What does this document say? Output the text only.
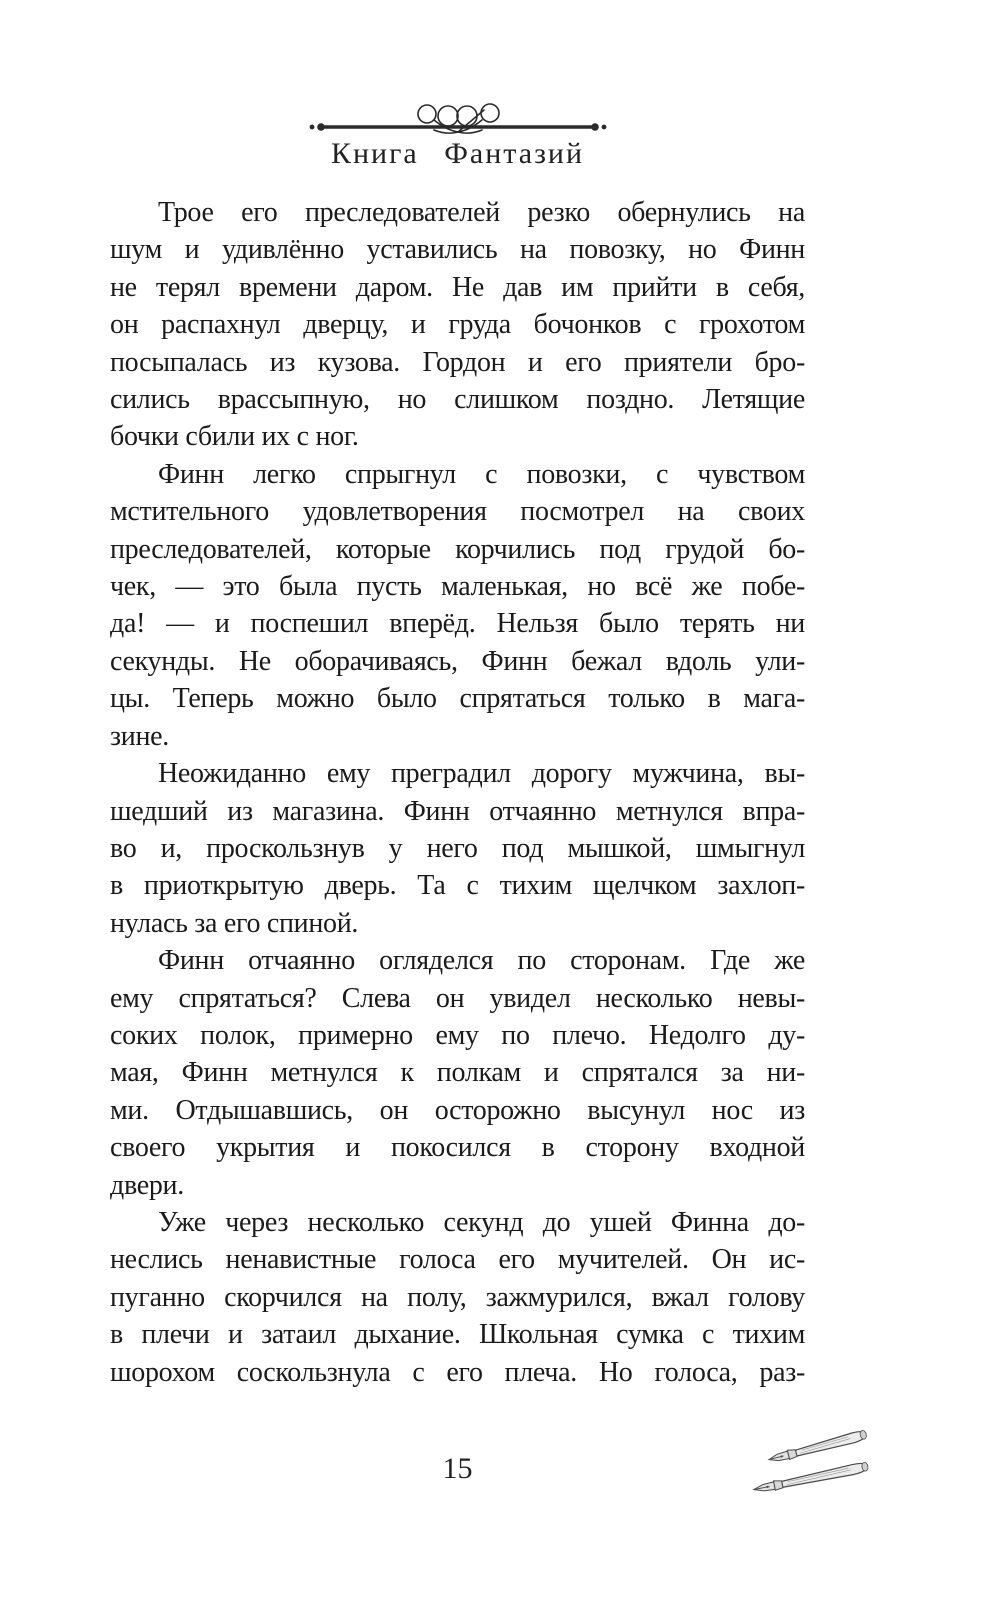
Книга Фантазий

Трое его преследователей резко обернулись на
шум и удивлённо уставились на повозку, но Финн
не терял времени даром. Не дав им прийти в себя,
он распахнул дверцу, и груда бочонков с грохотом
посыпалась из кузова. Гордон и его приятели бро-
сились врассыпную, но слишком поздно. Летящие
бочки сбили их с ног.

Финн легко спрыгнул с повозки, с чувством
мстительного удовлетворения посмотрел на своих
преследователей, которые корчились под грудой бо-
чек, — это была пусть маленькая, но всё же побе-
да! — и поспешил вперёд. Нельзя было терять ни
секунды. Не оборачиваясь, Финн бежал вдоль ули-
цы. Теперь можно было спрятаться только в мага-
зине.

Неожиданно ему преградил дорогу мужчина, вы-
шедший из магазина. Финн отчаянно метнулся впра-
во и, проскользнув у него под мышкой, шмыгнул
в приоткрытую дверь. Та с тихим щелчком захлоп-
нулась за его спиной.

Финн отчаянно огляделся по сторонам. Где же
ему спрятаться? Слева он увидел несколько невы-
соких полок, примерно ему по плечо. Недолго ду-
мая, Финн метнулся к полкам и спрятался за ни-
ми. Отдышавшись, он осторожно высунул нос из
своего укрытия и покосился в сторону входной
двери.

Уже через несколько секунд до ушей Финна до-
неслись ненавистные голоса его мучителей. Он ис-
пуганно скорчился на полу, зажмурился, вжал голову
в плечи и затаил дыхание. Школьная сумка с тихим
шорохом соскользнула с его плеча. Но голоса, раз-

15
